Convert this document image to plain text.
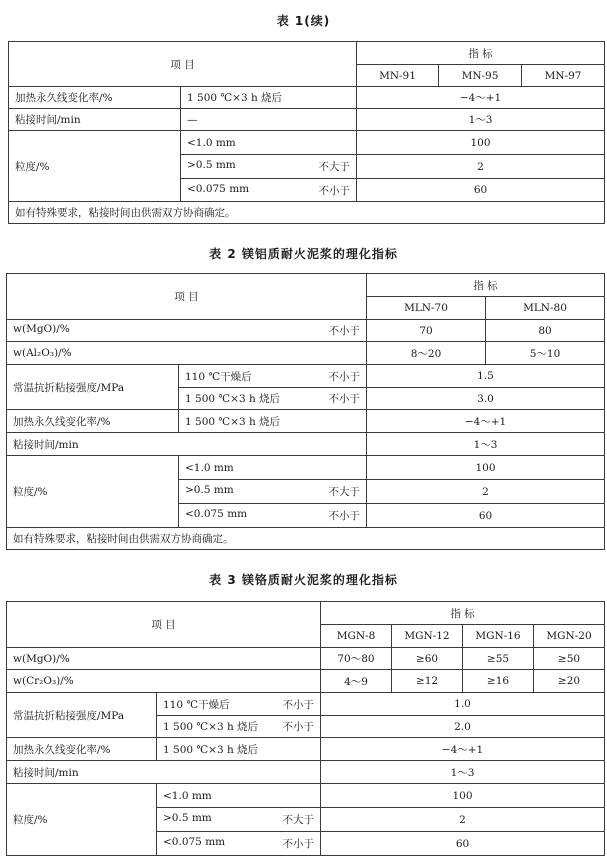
表 1(续)
项 目		指 标		
		MN-91	MN-95	MN-97
加热永久线变化率/%	1 500 ℃×3 h 烧后	−4～+1		
粘接时间/min	—	1～3		
粒度/%	<1.0 mm	100		
	>0.5 mm 不大于	2		
	<0.075 mm 不小于	60		
如有特殊要求，粘接时间由供需双方协商确定。				
表 2 镁铝质耐火泥浆的理化指标
项 目		指 标	
		MLN-70	MLN-80
w(MgO)/% 不小于		70	80
w(Al₂O₃)/%		8～20	5～10
常温抗折粘接强度/MPa	110 ℃干燥后 不小于	1.5	
	1 500 ℃×3 h 烧后 不小于	3.0	
加热永久线变化率/%	1 500 ℃×3 h 烧后	−4～+1	
粘接时间/min		1～3	
粒度/%	<1.0 mm	100	
	>0.5 mm 不大于	2	
	<0.075 mm 不小于	60	
如有特殊要求，粘接时间由供需双方协商确定。			
表 3 镁铬质耐火泥浆的理化指标
项 目		指 标			
		MGN-8	MGN-12	MGN-16	MGN-20
w(MgO)/%		70～80	≥60	≥55	≥50
w(Cr₂O₃)/%		4～9	≥12	≥16	≥20
常温抗折粘接强度/MPa	110 ℃干燥后 不小于	1.0			
	1 500 ℃×3 h 烧后 不小于	2.0			
加热永久线变化率/%	1 500 ℃×3 h 烧后	−4～+1			
粘接时间/min		1～3			
粒度/%	<1.0 mm	100			
	>0.5 mm 不大于	2			
	<0.075 mm 不小于	60			
